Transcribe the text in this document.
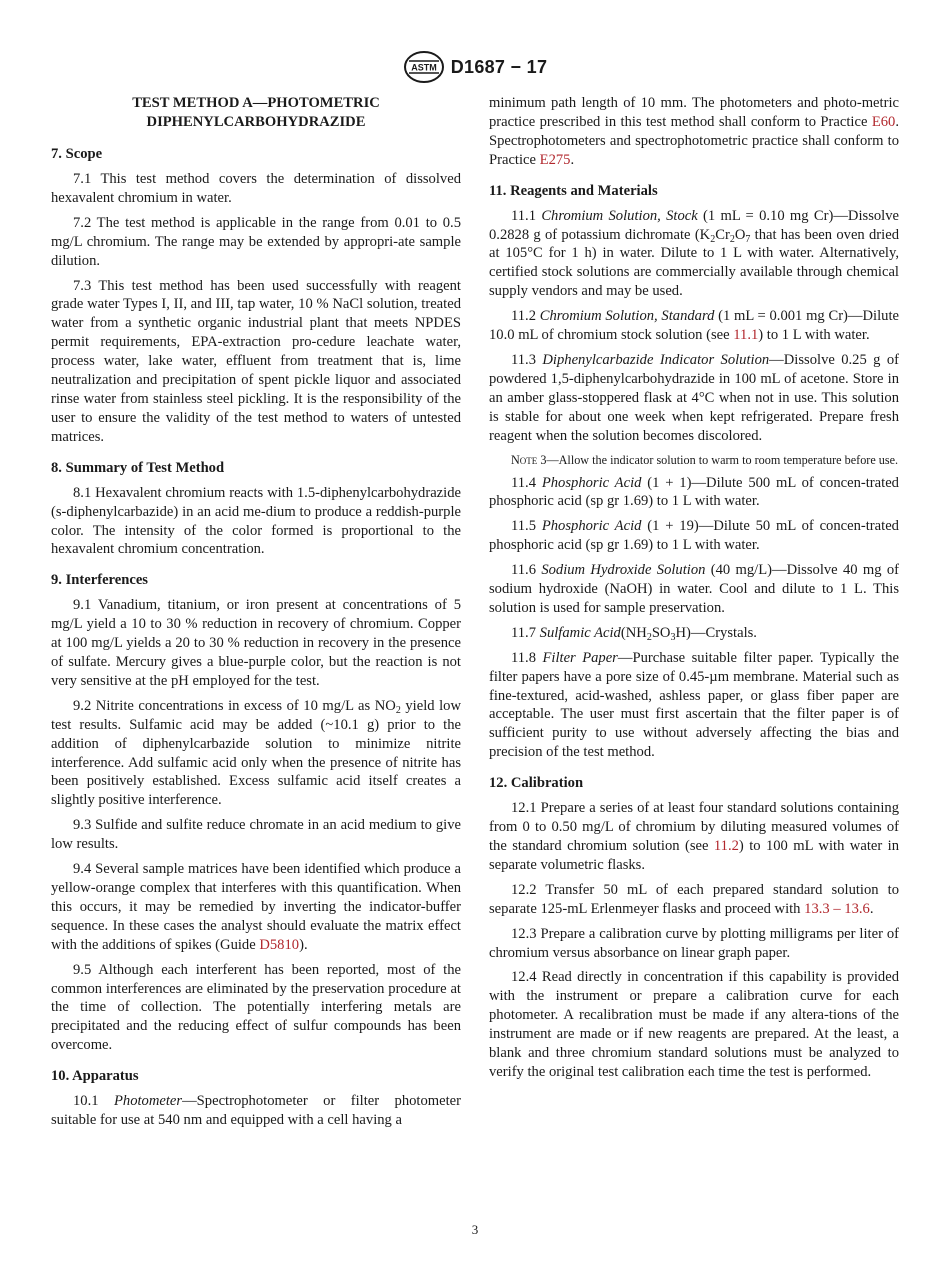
ASTM D1687 − 17
TEST METHOD A—PHOTOMETRIC
DIPHENYLCARBOHYDRAZIDE
7. Scope

7.1 This test method covers the determination of dissolved hexavalent chromium in water.

7.2 The test method is applicable in the range from 0.01 to 0.5 mg/L chromium. The range may be extended by appropri-ate sample dilution.

7.3 This test method has been used successfully with reagent grade water Types I, II, and III, tap water, 10 % NaCl solution, treated water from a synthetic organic industrial plant that meets NPDES permit requirements, EPA-extraction pro-cedure leachate water, process water, lake water, effluent from treatment that is, lime neutralization and precipitation of spent pickle liquor and associated rinse water from stainless steel pickling. It is the responsibility of the user to ensure the validity of the test method to waters of untested matrices.

8. Summary of Test Method

8.1 Hexavalent chromium reacts with 1.5-diphenylcarbohydrazide (s-diphenylcarbazide) in an acid me-dium to produce a reddish-purple color. The intensity of the color formed is proportional to the hexavalent chromium concentration.

9. Interferences

9.1 Vanadium, titanium, or iron present at concentrations of 5 mg/L yield a 10 to 30 % reduction in recovery of chromium. Copper at 100 mg/L yields a 20 to 30 % reduction in recovery in the presence of sulfate. Mercury gives a blue-purple color, but the reaction is not very sensitive at the pH employed for the test.

9.2 Nitrite concentrations in excess of 10 mg/L as $NO_2$ yield low test results. Sulfamic acid may be added (~10.1 g) prior to the addition of diphenylcarbazide solution to minimize nitrite interference. Add sulfamic acid only when the presence of nitrite has been positively established. Excess sulfamic acid itself creates a slightly positive interference.

9.3 Sulfide and sulfite reduce chromate in an acid medium to give low results.

9.4 Several sample matrices have been identified which produce a yellow-orange complex that interferes with this quantification. When this occurs, it may be remedied by inverting the indicator-buffer sequence. In these cases the analyst should evaluate the matrix effect with the additions of spikes (Guide D5810).

9.5 Although each interferent has been reported, most of the common interferences are eliminated by the preservation procedure at the time of collection. The potentially interfering metals are precipitated and the reducing effect of sulfur compounds has been overcome.

10. Apparatus

10.1 Photometer—Spectrophotometer or filter photometer suitable for use at 540 nm and equipped with a cell having a

minimum path length of 10 mm. The photometers and photo-metric practice prescribed in this test method shall conform to Practice E60. Spectrophotometers and spectrophotometric practice shall conform to Practice E275.

11. Reagents and Materials

11.1 Chromium Solution, Stock (1 mL = 0.10 mg Cr)—Dissolve 0.2828 g of potassium dichromate ($K_2Cr_2O_7$ that has been oven dried at 105°C for 1 h) in water. Dilute to 1 L with water. Alternatively, certified stock solutions are commercially available through chemical supply vendors and may be used.

11.2 Chromium Solution, Standard (1 mL = 0.001 mg Cr)—Dilute 10.0 mL of chromium stock solution (see 11.1) to 1 L with water.

11.3 Diphenylcarbazide Indicator Solution—Dissolve 0.25 g of powdered 1,5-diphenylcarbohydrazide in 100 mL of acetone. Store in an amber glass-stoppered flask at 4°C when not in use. This solution is stable for about one week when kept refrigerated. Prepare fresh reagent when the solution becomes discolored.

Note 3—Allow the indicator solution to warm to room temperature before use.

11.4 Phosphoric Acid (1 + 1)—Dilute 500 mL of concen-trated phosphoric acid (sp gr 1.69) to 1 L with water.

11.5 Phosphoric Acid (1 + 19)—Dilute 50 mL of concen-trated phosphoric acid (sp gr 1.69) to 1 L with water.

11.6 Sodium Hydroxide Solution (40 mg/L)—Dissolve 40 mg of sodium hydroxide (NaOH) in water. Cool and dilute to 1 L. This solution is used for sample preservation.

11.7 Sulfamic $Acid(NH_2SO_3H)—Crystals$.

11.8 Filter Paper—Purchase suitable filter paper. Typically the filter papers have a pore size of 0.45-µm membrane. Material such as fine-textured, acid-washed, ashless paper, or glass fiber paper are acceptable. The user must first ascertain that the filter paper is of sufficient purity to use without adversely affecting the bias and precision of the test method.

12. Calibration

12.1 Prepare a series of at least four standard solutions containing from 0 to 0.50 mg/L of chromium by diluting measured volumes of the standard chromium solution (see 11.2) to 100 mL with water in separate volumetric flasks.

12.2 Transfer 50 mL of each prepared standard solution to separate 125-mL Erlenmeyer flasks and proceed with 13.3 – 13.6.

12.3 Prepare a calibration curve by plotting milligrams per liter of chromium versus absorbance on linear graph paper.

12.4 Read directly in concentration if this capability is provided with the instrument or prepare a calibration curve for each photometer. A recalibration must be made if any altera-tions of the instrument are made or if new reagents are prepared. At the least, a blank and three chromium standard solutions must be analyzed to verify the original test calibration each time the test is performed.

3
